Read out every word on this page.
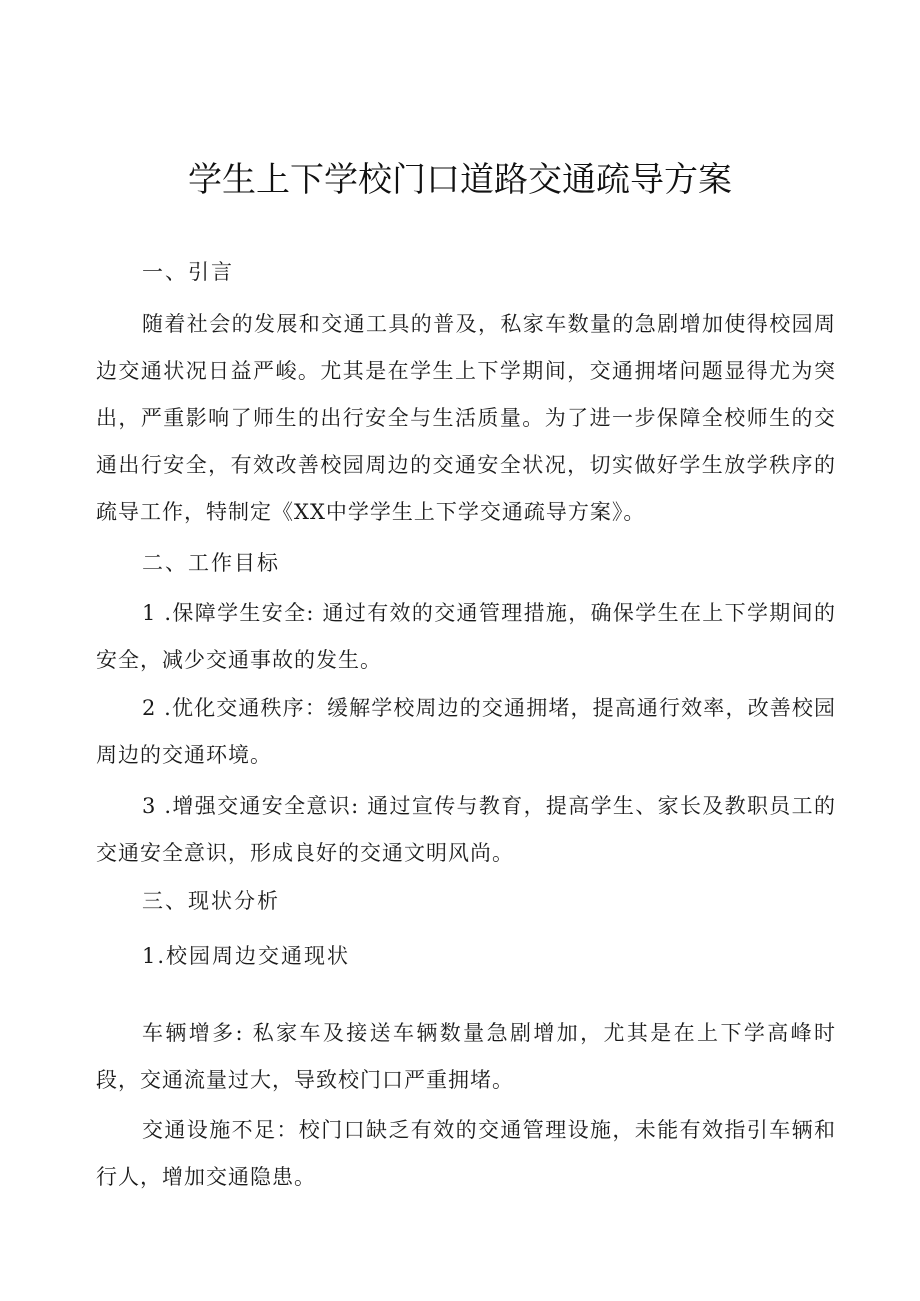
学生上下学校门口道路交通疏导方案
一、引言
随着社会的发展和交通工具的普及，私家车数量的急剧增加使得校园周边交通状况日益严峻。尤其是在学生上下学期间，交通拥堵问题显得尤为突出，严重影响了师生的出行安全与生活质量。为了进一步保障全校师生的交通出行安全，有效改善校园周边的交通安全状况，切实做好学生放学秩序的疏导工作，特制定《XX中学学生上下学交通疏导方案》。
二、工作目标
1 .保障学生安全: 通过有效的交通管理措施，确保学生在上下学期间的安全，减少交通事故的发生。
2 .优化交通秩序：缓解学校周边的交通拥堵，提高通行效率，改善校园周边的交通环境。
3 .增强交通安全意识: 通过宣传与教育，提高学生、家长及教职员工的交通安全意识，形成良好的交通文明风尚。
三、现状分析
1.校园周边交通现状
车辆增多: 私家车及接送车辆数量急剧增加，尤其是在上下学高峰时段，交通流量过大，导致校门口严重拥堵。
交通设施不足：校门口缺乏有效的交通管理设施，未能有效指引车辆和行人，增加交通隐患。
